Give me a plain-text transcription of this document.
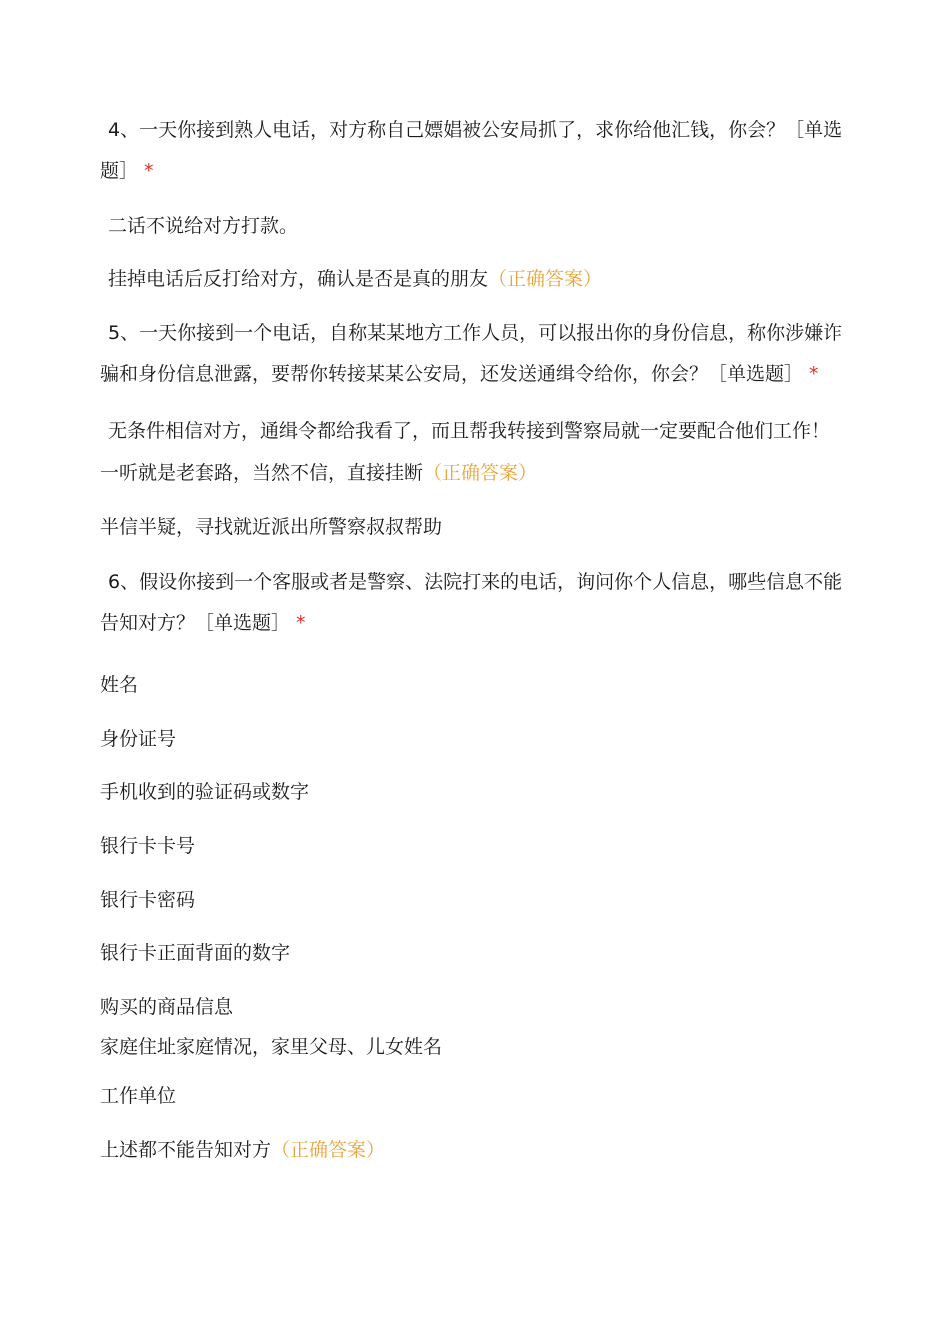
4、一天你接到熟人电话，对方称自己嫖娼被公安局抓了，求你给他汇钱，你会？［单选题］ *
二话不说给对方打款。
挂掉电话后反打给对方，确认是否是真的朋友（正确答案）
5、一天你接到一个电话，自称某某地方工作人员，可以报出你的身份信息，称你涉嫌诈骗和身份信息泄露，要帮你转接某某公安局，还发送通缉令给你，你会？［单选题］ *
无条件相信对方，通缉令都给我看了，而且帮我转接到警察局就一定要配合他们工作！
一听就是老套路，当然不信，直接挂断（正确答案）
半信半疑，寻找就近派出所警察叔叔帮助
6、假设你接到一个客服或者是警察、法院打来的电话，询问你个人信息，哪些信息不能告知对方？［单选题］ *
姓名
身份证号
手机收到的验证码或数字
银行卡卡号
银行卡密码
银行卡正面背面的数字
购买的商品信息
家庭住址家庭情况，家里父母、儿女姓名
工作单位
上述都不能告知对方（正确答案）
